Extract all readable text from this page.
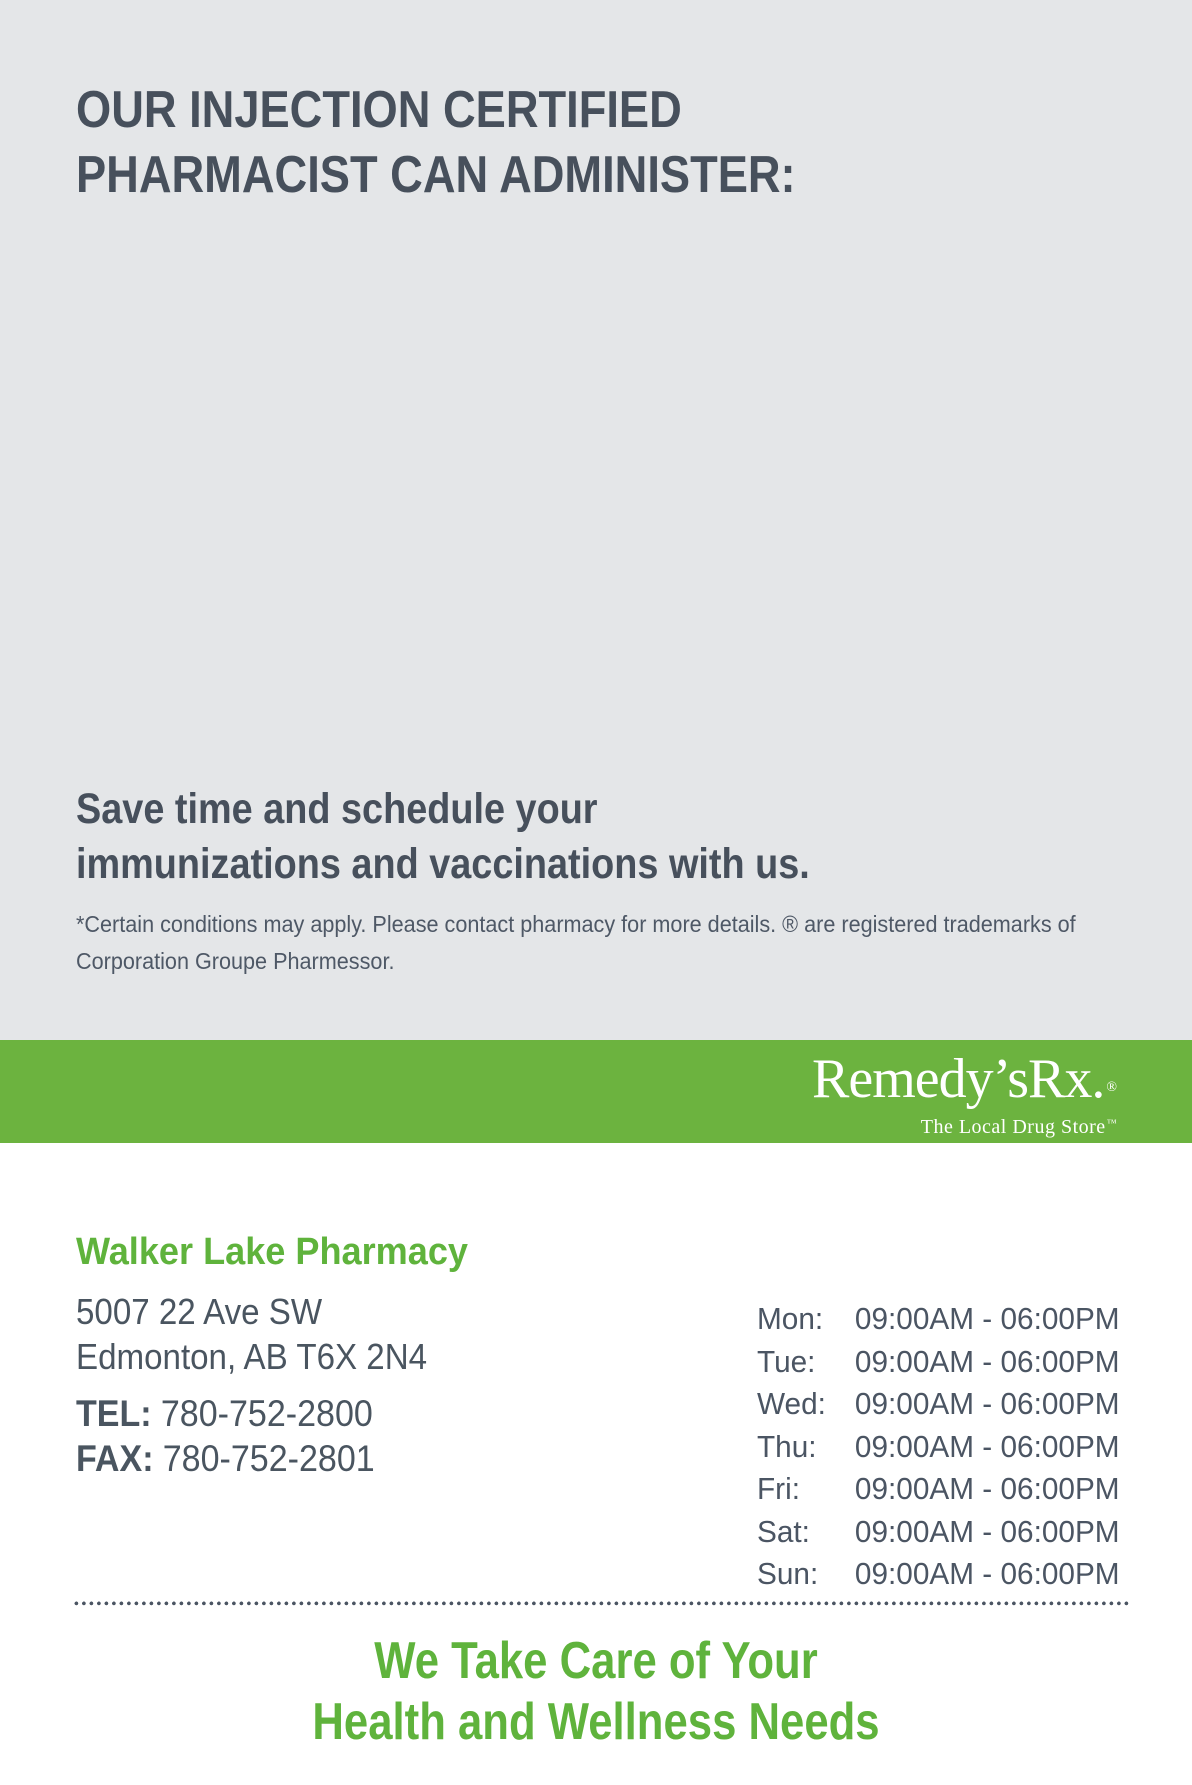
OUR INJECTION CERTIFIED
PHARMACIST CAN ADMINISTER:
Save time and schedule your
immunizations and vaccinations with us.
*Certain conditions may apply. Please contact pharmacy for more details. ® are registered trademarks of Corporation Groupe Pharmessor.
Remedy’sRx. ®
The Local Drug Store™
Walker Lake Pharmacy
5007 22 Ave SW
Edmonton, AB T6X 2N4
TEL: 780-752-2800
FAX: 780-752-2801
Mon:	09:00AM - 06:00PM
Tue:	09:00AM - 06:00PM
Wed: 09:00AM - 06:00PM
Thu:	09:00AM - 06:00PM
Fri:	09:00AM - 06:00PM
Sat:	09:00AM - 06:00PM
Sun:	09:00AM - 06:00PM
We Take Care of Your
Health and Wellness Needs
